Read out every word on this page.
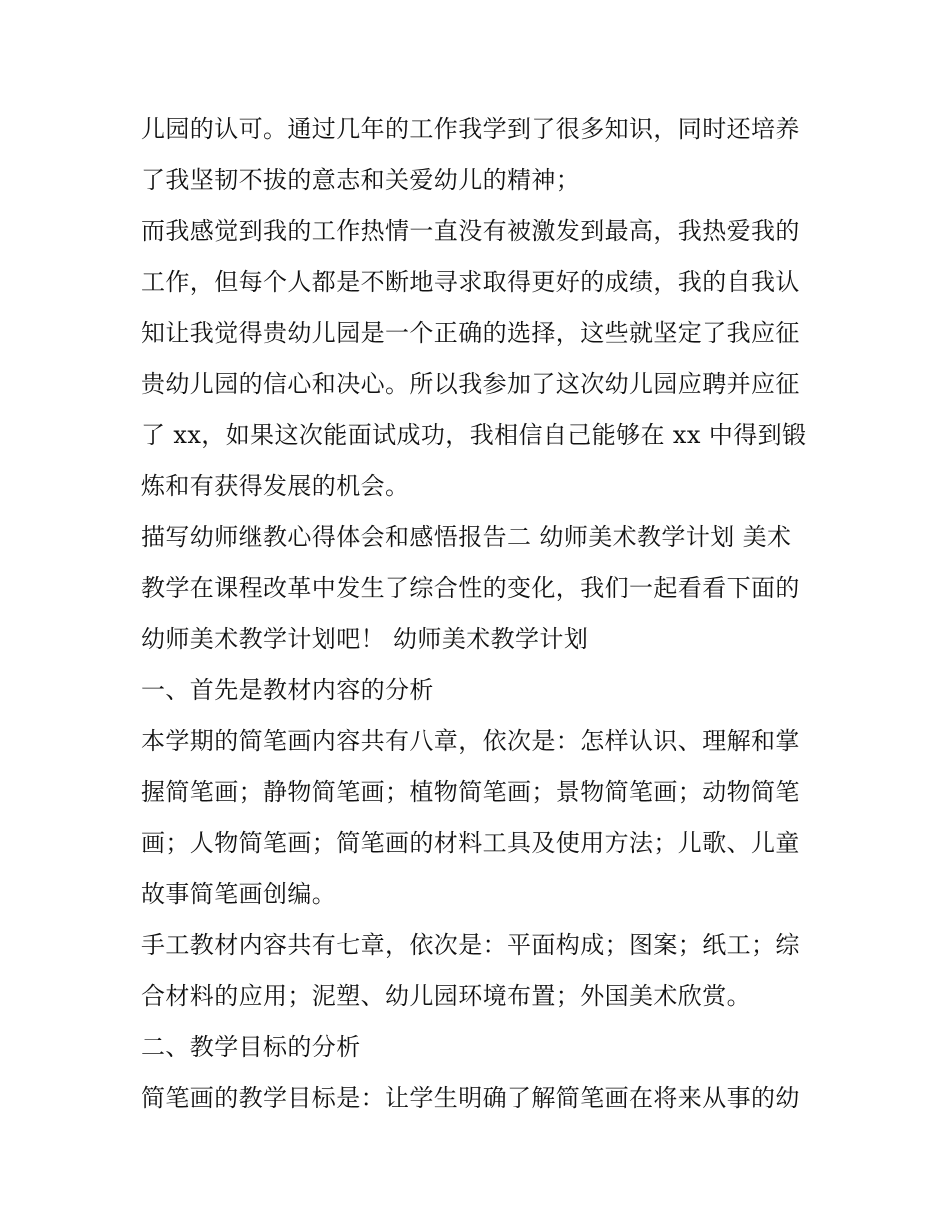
儿园的认可。通过几年的工作我学到了很多知识，同时还培养
了我坚韧不拔的意志和关爱幼儿的精神；
而我感觉到我的工作热情一直没有被激发到最高，我热爱我的
工作，但每个人都是不断地寻求取得更好的成绩，我的自我认
知让我觉得贵幼儿园是一个正确的选择，这些就坚定了我应征
贵幼儿园的信心和决心。所以我参加了这次幼儿园应聘并应征
了 xx，如果这次能面试成功，我相信自己能够在 xx 中得到锻
炼和有获得发展的机会。
描写幼师继教心得体会和感悟报告二 幼师美术教学计划 美术
教学在课程改革中发生了综合性的变化，我们一起看看下面的
幼师美术教学计划吧！ 幼师美术教学计划
一、首先是教材内容的分析
本学期的简笔画内容共有八章，依次是：怎样认识、理解和掌
握简笔画；静物简笔画；植物简笔画；景物简笔画；动物简笔
画；人物简笔画；简笔画的材料工具及使用方法；儿歌、儿童
故事简笔画创编。
手工教材内容共有七章，依次是：平面构成；图案；纸工；综
合材料的应用；泥塑、幼儿园环境布置；外国美术欣赏。
二、教学目标的分析
简笔画的教学目标是：让学生明确了解简笔画在将来从事的幼
